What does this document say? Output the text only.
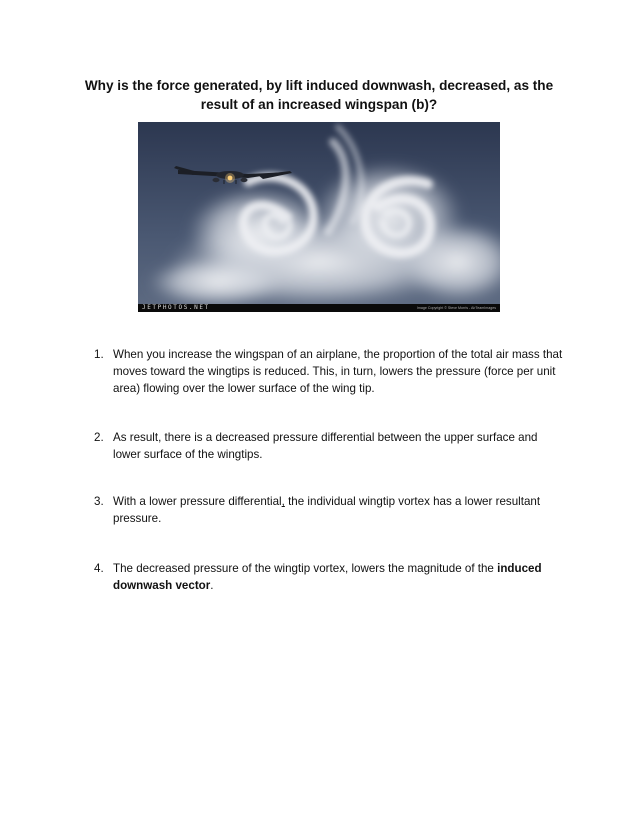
Why is the force generated, by lift induced downwash, decreased, as the result of an increased wingspan (b)?
JETPHOTOS.NET	Image Copyright © Steve Morris - AirTeamImages
1. When you increase the wingspan of an airplane, the proportion of the total air mass that moves toward the wingtips is reduced. This, in turn, lowers the pressure (force per unit area) flowing over the lower surface of the wing tip.
2. As result, there is a decreased pressure differential between the upper surface and lower surface of the wingtips.
3. With a lower pressure differential, the individual wingtip vortex has a lower resultant pressure.
4. The decreased pressure of the wingtip vortex, lowers the magnitude of the induced downwash vector.
